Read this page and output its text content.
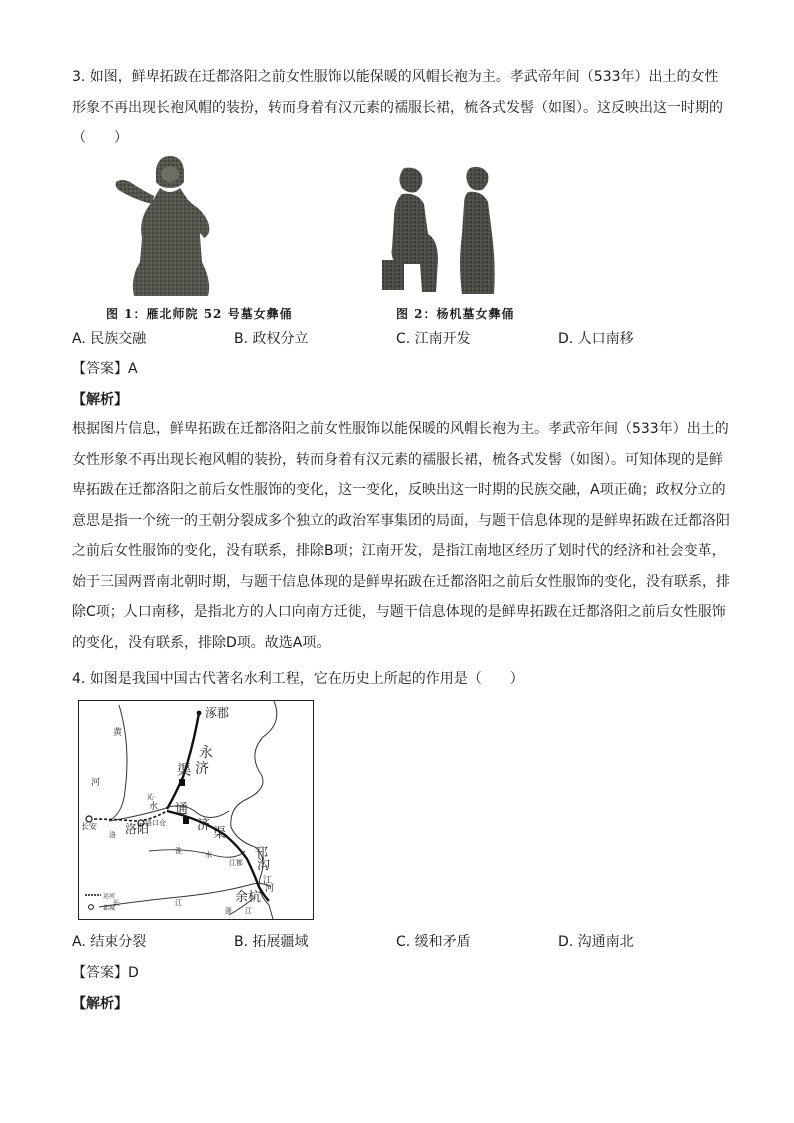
3. 如图，鲜卑拓跋在迁都洛阳之前女性服饰以能保暖的风帽长袍为主。孝武帝年间（533年）出土的女性形象不再出现长袍风帽的装扮，转而身着有汉元素的襦服长裙，梳各式发髻（如图）。这反映出这一时期的（　　）

图 1：雁北师院 52 号墓女彝俑	图 2：杨机墓女彝俑
A. 民族交融	B. 政权分立	C. 江南开发	D. 人口南移
【答案】A
【解析】

根据图片信息，鲜卑拓跋在迁都洛阳之前女性服饰以能保暖的风帽长袍为主。孝武帝年间（533年）出土的女性形象不再出现长袍风帽的装扮，转而身着有汉元素的襦服长裙，梳各式发髻（如图）。可知体现的是鲜卑拓跋在迁都洛阳之前后女性服饰的变化，这一变化，反映出这一时期的民族交融，A项正确；政权分立的意思是指一个统一的王朝分裂成多个独立的政治军事集团的局面，与题干信息体现的是鲜卑拓跋在迁都洛阳之前后女性服饰的变化，没有联系，排除B项；江南开发，是指江南地区经历了划时代的经济和社会变革，始于三国两晋南北朝时期，与题干信息体现的是鲜卑拓跋在迁都洛阳之前后女性服饰的变化，没有联系，排除C项；人口南移，是指北方的人口向南方迁徙，与题干信息体现的是鲜卑拓跋在迁都洛阳之前后女性服饰的变化，没有联系，排除D项。故选A项。

4. 如图是我国中国古代著名水利工程，它在历史上所起的作用是（　　）

涿郡
永
济
渠
黄
河
沁
水
长安
洛 洛阳
洛口仓
通
济
渠
淮	水	邗
沟
江都
江
余杭
河
长	江
浙 江
运河
都城
A. 结束分裂	B. 拓展疆域	C. 缓和矛盾	D. 沟通南北
【答案】D
【解析】
